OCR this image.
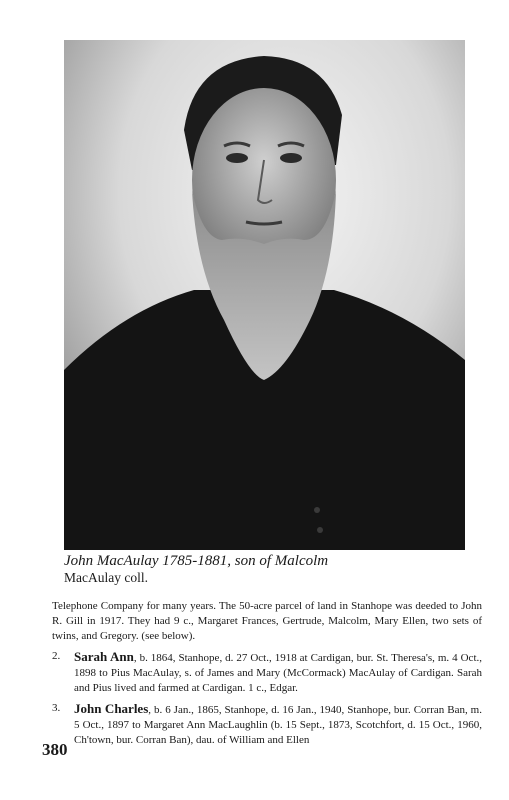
John MacAulay 1785-1881, son of Malcolm
MacAulay coll.

Telephone Company for many years. The 50-acre parcel of land in Stanhope was deeded to John R. Gill in 1917. They had 9 c., Margaret Frances, Gertrude, Malcolm, Mary Ellen, two sets of twins, and Gregory. (see below).

2.	Sarah Ann, b. 1864, Stanhope, d. 27 Oct., 1918 at Cardigan, bur. St. Theresa's, m. 4 Oct., 1898 to Pius MacAulay, s. of James and Mary (McCormack) MacAulay of Cardigan. Sarah and Pius lived and farmed at Cardigan. 1 c., Edgar.
3.	John Charles, b. 6 Jan., 1865, Stanhope, d. 16 Jan., 1940, Stanhope, bur. Corran Ban, m. 5 Oct., 1897 to Margaret Ann MacLaughlin (b. 15 Sept., 1873, Scotchfort, d. 15 Oct., 1960, Ch'town, bur. Corran Ban), dau. of William and Ellen
380
